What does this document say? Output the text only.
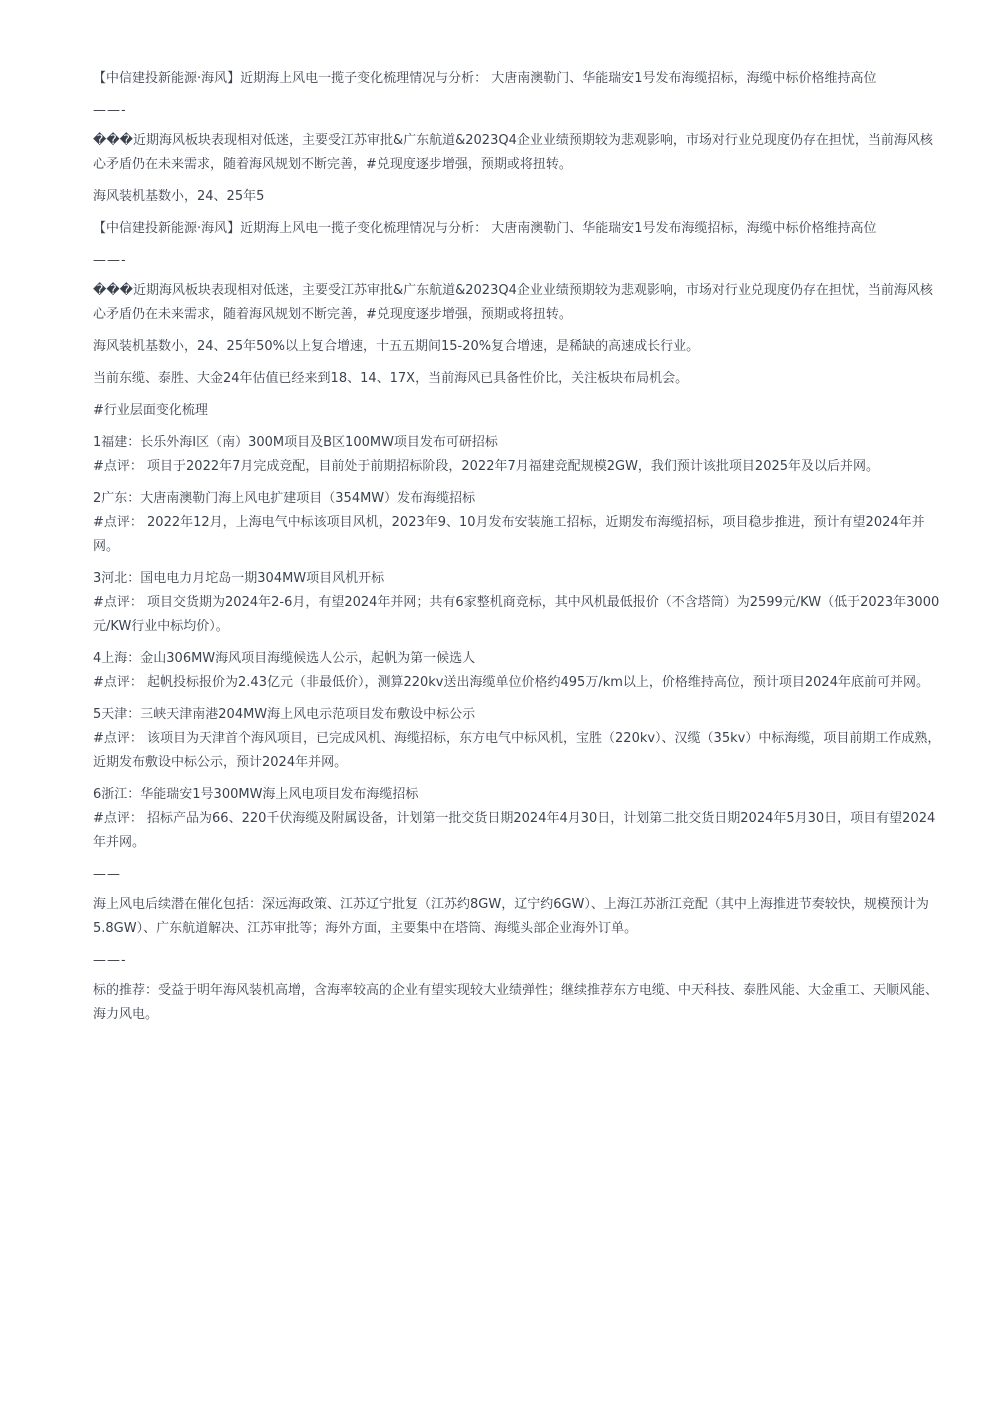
【中信建投新能源·海风】近期海上风电一揽子变化梳理情况与分析： 大唐南澳勒门、华能瑞安1号发布海缆招标，海缆中标价格维持高位

——-

���近期海风板块表现相对低迷，主要受江苏审批&广东航道&2023Q4企业业绩预期较为悲观影响，市场对行业兑现度仍存在担忧，当前海风核心矛盾仍在未来需求，随着海风规划不断完善，#兑现度逐步增强，预期或将扭转。

海风装机基数小，24、25年5

【中信建投新能源·海风】近期海上风电一揽子变化梳理情况与分析： 大唐南澳勒门、华能瑞安1号发布海缆招标，海缆中标价格维持高位

——-

���近期海风板块表现相对低迷，主要受江苏审批&广东航道&2023Q4企业业绩预期较为悲观影响，市场对行业兑现度仍存在担忧，当前海风核心矛盾仍在未来需求，随着海风规划不断完善，#兑现度逐步增强，预期或将扭转。

海风装机基数小，24、25年50%以上复合增速，十五五期间15-20%复合增速，是稀缺的高速成长行业。

当前东缆、泰胜、大金24年估值已经来到18、14、17X，当前海风已具备性价比，关注板块布局机会。

#行业层面变化梳理

1福建：长乐外海I区（南）300M项目及B区100MW项目发布可研招标
#点评： 项目于2022年7月完成竞配，目前处于前期招标阶段，2022年7月福建竞配规模2GW，我们预计该批项目2025年及以后并网。

2广东：大唐南澳勒门海上风电扩建项目（354MW）发布海缆招标
#点评： 2022年12月，上海电气中标该项目风机，2023年9、10月发布安装施工招标，近期发布海缆招标，项目稳步推进，预计有望2024年并网。

3河北：国电电力月坨岛一期304MW项目风机开标
#点评： 项目交货期为2024年2-6月，有望2024年并网；共有6家整机商竞标，其中风机最低报价（不含塔筒）为2599元/KW（低于2023年3000元/KW行业中标均价）。

4上海：金山306MW海风项目海缆候选人公示，起帆为第一候选人
#点评： 起帆投标报价为2.43亿元（非最低价），测算220kv送出海缆单位价格约495万/km以上，价格维持高位，预计项目2024年底前可并网。

5天津：三峡天津南港204MW海上风电示范项目发布敷设中标公示
#点评： 该项目为天津首个海风项目，已完成风机、海缆招标，东方电气中标风机，宝胜（220kv）、汉缆（35kv）中标海缆，项目前期工作成熟，近期发布敷设中标公示，预计2024年并网。

6浙江：华能瑞安1号300MW海上风电项目发布海缆招标
#点评： 招标产品为66、220千伏海缆及附属设备，计划第一批交货日期2024年4月30日，计划第二批交货日期2024年5月30日，项目有望2024年并网。

——

海上风电后续潜在催化包括：深远海政策、江苏辽宁批复（江苏约8GW，辽宁约6GW）、上海江苏浙江竞配（其中上海推进节奏较快，规模预计为5.8GW）、广东航道解决、江苏审批等；海外方面，主要集中在塔筒、海缆头部企业海外订单。

——-

标的推荐：受益于明年海风装机高增，含海率较高的企业有望实现较大业绩弹性；继续推荐东方电缆、中天科技、泰胜风能、大金重工、天顺风能、海力风电。
